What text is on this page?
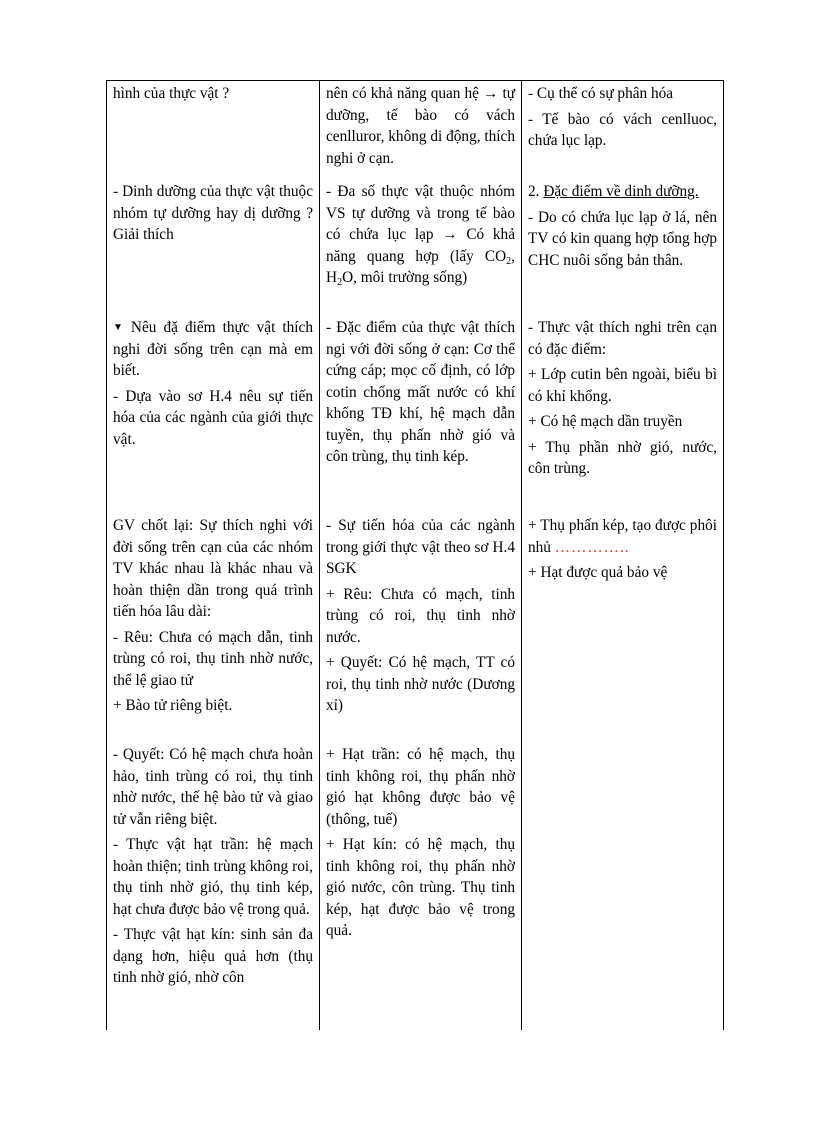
hình của thực vật ?

- Dinh dưỡng của thực vật thuộc nhóm tự dưỡng hay dị dưỡng ? Giải thích

▼ Nêu đặ điểm thực vật thích nghi đời sống trên cạn mà em biết.

- Dựa vào sơ H.4 nêu sự tiến hóa của các ngành của giới thực vật.

GV chốt lại: Sự thích nghi với đời sống trên cạn của các nhóm TV khác nhau là khác nhau và hoàn thiện dần trong quá trình tiến hóa lâu dài:

- Rêu: Chưa có mạch dẫn, tinh trùng có roi, thụ tinh nhờ nước, thể lệ giao tử

+ Bào tử riêng biệt.

- Quyết: Có hệ mạch chưa hoàn hảo, tinh trùng có roi, thụ tinh nhờ nước, thế hệ bào tử và giao tử vẫn riêng biệt.

- Thực vật hạt trần: hệ mạch hoàn thiện; tinh trùng không roi, thụ tinh nhờ gió, thụ tinh kép, hạt chưa được bảo vệ trong quả.

- Thực vật hạt kín: sinh sản đa dạng hơn, hiệu quả hơn (thụ tinh nhờ gió, nhờ côn

nên có khả năng quan hệ → tự dưỡng, tế bào có vách cenlluror, không di động, thích nghi ở cạn.

- Đa số thực vật thuộc nhóm VS tự dưỡng và trong tế bào có chứa lục lạp → Có khả năng quang hợp (lấy $CO_2$, $H_2O$, môi trường sống)

- Đặc điểm của thực vật thích ngi với đời sống ở cạn: Cơ thể cứng cáp; mọc cố định, có lớp cotin chống mất nước có khí khổng TĐ khí, hệ mạch dẫn tuyền, thụ phấn nhờ gió và côn trùng, thụ tinh kép.

- Sự tiến hóa của các ngành trong giới thực vật theo sơ H.4 SGK

+ Rêu: Chưa có mạch, tinh trùng có roi, thụ tinh nhờ nước.

+ Quyết: Có hệ mạch, TT có roi, thụ tinh nhờ nước (Dương xỉ)

+ Hạt trần: có hệ mạch, thụ tinh không roi, thụ phấn nhờ gió hạt không được bảo vệ (thông, tuế)

+ Hạt kín: có hệ mạch, thụ tinh không roi, thụ phấn nhờ gió nước, côn trùng. Thụ tinh kép, hạt được bảo vệ trong quả.

- Cụ thể có sự phân hóa

- Tế bào có vách cenlluoc, chứa lục lạp.

2. Đặc điểm về dinh dưỡng.

- Do có chứa lục lạp ở lá, nên TV có kin quang hợp tổng hợp CHC nuôi sống bản thân.

- Thực vật thích nghi trên cạn có đặc điểm:

+ Lớp cutin bên ngoài, biểu bì có khỉ khổng.

+ Có hệ mạch dần truyền

+ Thụ phần nhờ gió, nước, côn trùng.

+ Thụ phấn kép, tạo được phôi nhủ …………..

+ Hạt được quả bảo vệ
